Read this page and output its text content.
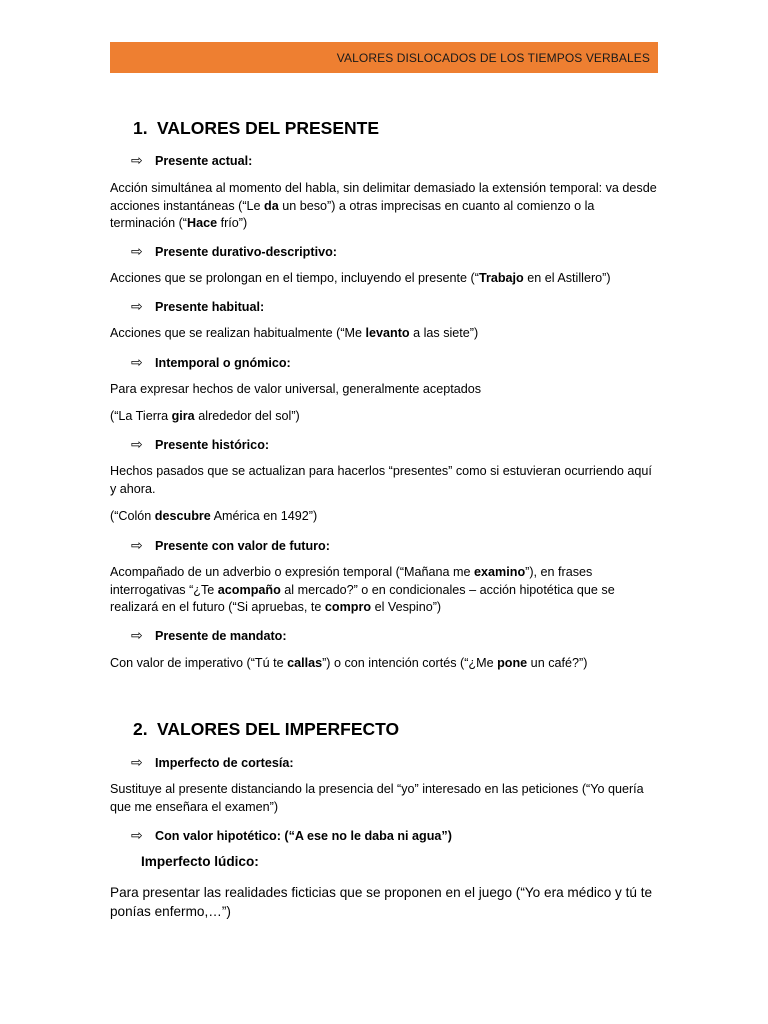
VALORES DISLOCADOS DE LOS TIEMPOS VERBALES
1. VALORES DEL PRESENTE
⇨ Presente actual:
Acción simultánea al momento del habla, sin delimitar demasiado la extensión temporal: va desde acciones instantáneas (“Le da un beso”) a otras imprecisas en cuanto al comienzo o la terminación (“Hace frío”)
⇨ Presente durativo-descriptivo:
Acciones que se prolongan en el tiempo, incluyendo el presente (“Trabajo en el Astillero”)
⇨ Presente habitual:
Acciones que se realizan habitualmente (“Me levanto a las siete”)
⇨ Intemporal o gnómico:
Para expresar hechos de valor universal, generalmente aceptados
(“La Tierra gira alrededor del sol”)
⇨ Presente histórico:
Hechos pasados que se actualizan para hacerlos “presentes” como si estuvieran ocurriendo aquí y ahora.
(“Colón descubre América en 1492”)
⇨ Presente con valor de futuro:
Acompañado de un adverbio o expresión temporal (“Mañana me examino”), en frases interrogativas “¿Te acompaño al mercado?” o en condicionales – acción hipotética que se realizará en el futuro (“Si apruebas, te compro el Vespino”)
⇨ Presente de mandato:
Con valor de imperativo (“Tú te callas”) o con intención cortés (“¿Me pone un café?”)
2. VALORES DEL IMPERFECTO
⇨ Imperfecto de cortesía:
Sustituye al presente distanciando la presencia del “yo” interesado en las peticiones (“Yo quería que me enseñara el examen”)
⇨ Con valor hipotético: (“A ese no le daba ni agua”)
Imperfecto lúdico:
Para presentar las realidades ficticias que se proponen en el juego (“Yo era médico y tú te ponías enfermo,…”)
